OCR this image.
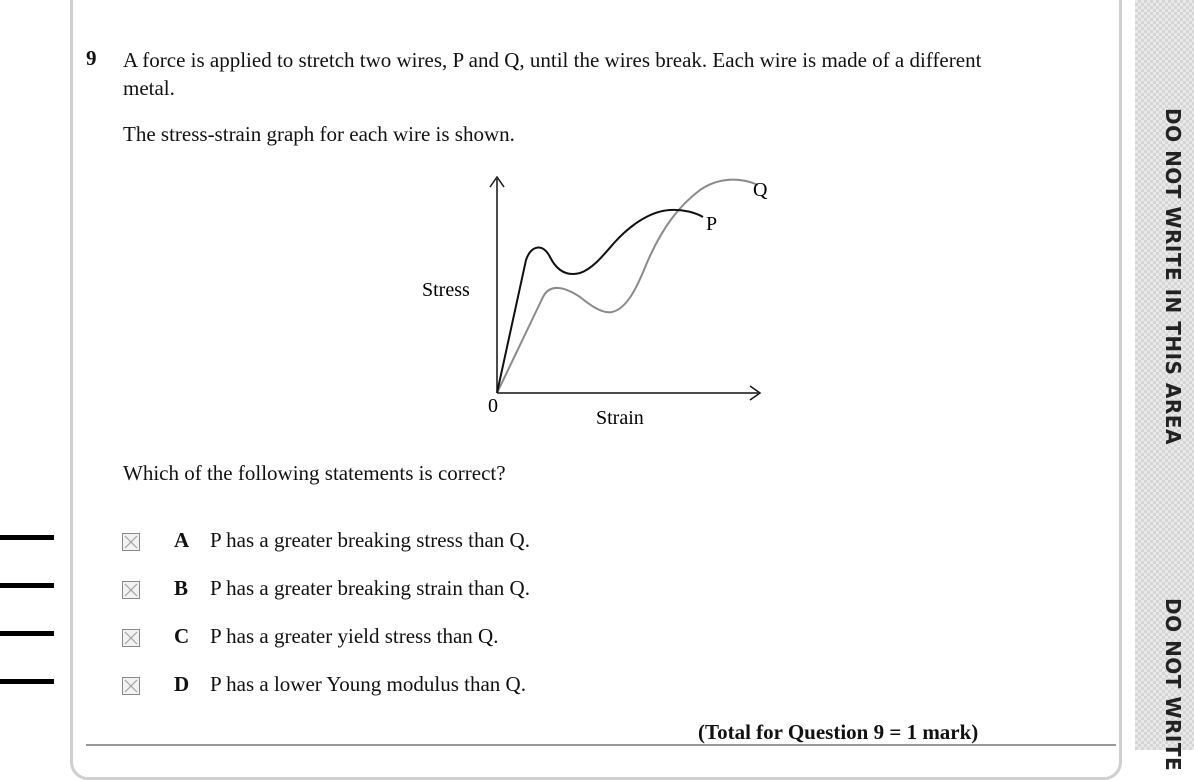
DO NOT WRITE IN THIS AREA
DO NOT WRITE
9 A force is applied to stretch two wires, P and Q, until the wires break. Each wire is made of a different metal.
The stress-strain graph for each wire is shown.
0
Stress
Strain
P
Q
Which of the following statements is correct?
A P has a greater breaking stress than Q.
B P has a greater breaking strain than Q.
C P has a greater yield stress than Q.
D P has a lower Young modulus than Q.
(Total for Question 9 = 1 mark)
